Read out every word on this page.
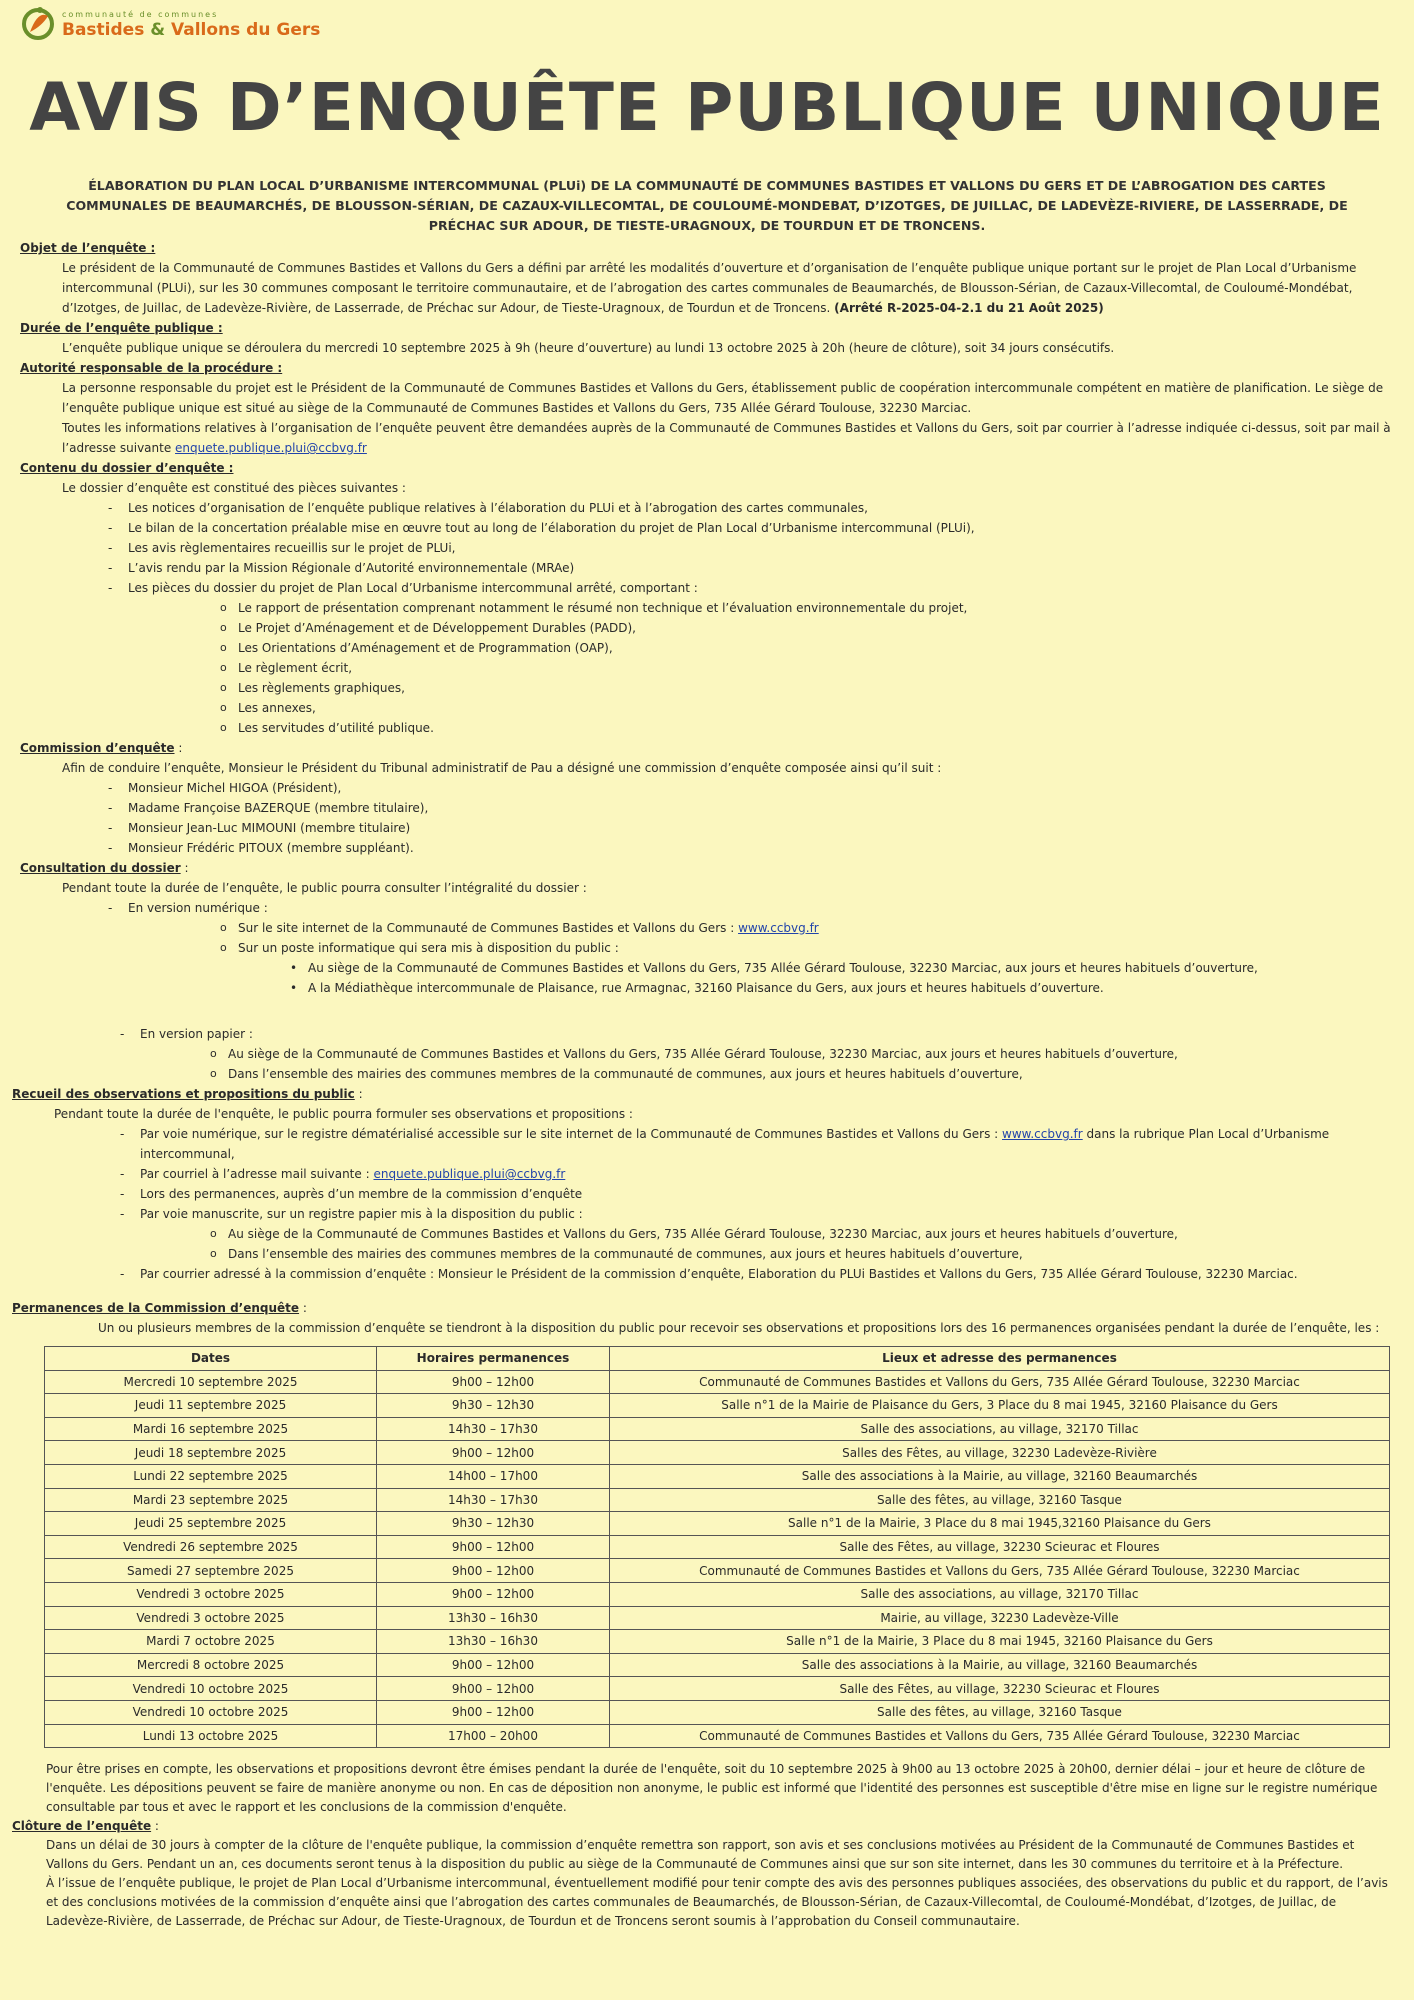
communauté de communes
Bastides & Vallons du Gers
AVIS D’ENQUÊTE PUBLIQUE UNIQUE
ÉLABORATION DU PLAN LOCAL D’URBANISME INTERCOMMUNAL (PLUi) DE LA COMMUNAUTÉ DE COMMUNES BASTIDES ET VALLONS DU GERS ET DE L’ABROGATION DES CARTES COMMUNALES DE BEAUMARCHÉS, DE BLOUSSON-SÉRIAN, DE CAZAUX-VILLECOMTAL, DE COULOUMÉ-MONDEBAT, D’IZOTGES, DE JUILLAC, DE LADEVÈZE-RIVIERE, DE LASSERRADE, DE PRÉCHAC SUR ADOUR, DE TIESTE-URAGNOUX, DE TOURDUN ET DE TRONCENS.
Objet de l’enquête :
Le président de la Communauté de Communes Bastides et Vallons du Gers a défini par arrêté les modalités d’ouverture et d’organisation de l’enquête publique unique portant sur le projet de Plan Local d’Urbanisme intercommunal (PLUi), sur les 30 communes composant le territoire communautaire, et de l’abrogation des cartes communales de Beaumarchés, de Blousson-Sérian, de Cazaux-Villecomtal, de Couloumé-Mondébat, d’Izotges, de Juillac, de Ladevèze-Rivière, de Lasserrade, de Préchac sur Adour, de Tieste-Uragnoux, de Tourdun et de Troncens. (Arrêté R-2025-04-2.1 du 21 Août 2025)
Durée de l’enquête publique :
L’enquête publique unique se déroulera du mercredi 10 septembre 2025 à 9h (heure d’ouverture) au lundi 13 octobre 2025 à 20h (heure de clôture), soit 34 jours consécutifs.
Autorité responsable de la procédure :
La personne responsable du projet est le Président de la Communauté de Communes Bastides et Vallons du Gers, établissement public de coopération intercommunale compétent en matière de planification. Le siège de l’enquête publique unique est situé au siège de la Communauté de Communes Bastides et Vallons du Gers, 735 Allée Gérard Toulouse, 32230 Marciac.
Toutes les informations relatives à l’organisation de l’enquête peuvent être demandées auprès de la Communauté de Communes Bastides et Vallons du Gers, soit par courrier à l’adresse indiquée ci-dessus, soit par mail à l’adresse suivante enquete.publique.plui@ccbvg.fr
Contenu du dossier d’enquête :
Le dossier d’enquête est constitué des pièces suivantes :
- Les notices d’organisation de l’enquête publique relatives à l’élaboration du PLUi et à l’abrogation des cartes communales,
- Le bilan de la concertation préalable mise en œuvre tout au long de l’élaboration du projet de Plan Local d’Urbanisme intercommunal (PLUi),
- Les avis règlementaires recueillis sur le projet de PLUi,
- L’avis rendu par la Mission Régionale d’Autorité environnementale (MRAe)
- Les pièces du dossier du projet de Plan Local d’Urbanisme intercommunal arrêté, comportant :
o Le rapport de présentation comprenant notamment le résumé non technique et l’évaluation environnementale du projet,
o Le Projet d’Aménagement et de Développement Durables (PADD),
o Les Orientations d’Aménagement et de Programmation (OAP),
o Le règlement écrit,
o Les règlements graphiques,
o Les annexes,
o Les servitudes d’utilité publique.
Commission d’enquête :
Afin de conduire l’enquête, Monsieur le Président du Tribunal administratif de Pau a désigné une commission d’enquête composée ainsi qu’il suit :
- Monsieur Michel HIGOA (Président),
- Madame Françoise BAZERQUE (membre titulaire),
- Monsieur Jean-Luc MIMOUNI (membre titulaire)
- Monsieur Frédéric PITOUX (membre suppléant).
Consultation du dossier :
Pendant toute la durée de l’enquête, le public pourra consulter l’intégralité du dossier :
- En version numérique :
o Sur le site internet de la Communauté de Communes Bastides et Vallons du Gers : www.ccbvg.fr
o Sur un poste informatique qui sera mis à disposition du public :
• Au siège de la Communauté de Communes Bastides et Vallons du Gers, 735 Allée Gérard Toulouse, 32230 Marciac, aux jours et heures habituels d’ouverture,
• A la Médiathèque intercommunale de Plaisance, rue Armagnac, 32160 Plaisance du Gers, aux jours et heures habituels d’ouverture.
- En version papier :
o Au siège de la Communauté de Communes Bastides et Vallons du Gers, 735 Allée Gérard Toulouse, 32230 Marciac, aux jours et heures habituels d’ouverture,
o Dans l’ensemble des mairies des communes membres de la communauté de communes, aux jours et heures habituels d’ouverture,
Recueil des observations et propositions du public :
Pendant toute la durée de l'enquête, le public pourra formuler ses observations et propositions :
- Par voie numérique, sur le registre dématérialisé accessible sur le site internet de la Communauté de Communes Bastides et Vallons du Gers : www.ccbvg.fr dans la rubrique Plan Local d’Urbanisme intercommunal,
- Par courriel à l’adresse mail suivante : enquete.publique.plui@ccbvg.fr
- Lors des permanences, auprès d’un membre de la commission d’enquête
- Par voie manuscrite, sur un registre papier mis à la disposition du public :
o Au siège de la Communauté de Communes Bastides et Vallons du Gers, 735 Allée Gérard Toulouse, 32230 Marciac, aux jours et heures habituels d’ouverture,
o Dans l’ensemble des mairies des communes membres de la communauté de communes, aux jours et heures habituels d’ouverture,
- Par courrier adressé à la commission d’enquête : Monsieur le Président de la commission d’enquête, Elaboration du PLUi Bastides et Vallons du Gers, 735 Allée Gérard Toulouse, 32230 Marciac.
Permanences de la Commission d’enquête :
Un ou plusieurs membres de la commission d’enquête se tiendront à la disposition du public pour recevoir ses observations et propositions lors des 16 permanences organisées pendant la durée de l’enquête, les :
Dates	Horaires permanences	Lieux et adresse des permanences
Mercredi 10 septembre 2025	9h00 – 12h00	Communauté de Communes Bastides et Vallons du Gers, 735 Allée Gérard Toulouse, 32230 Marciac
Jeudi 11 septembre 2025	9h30 – 12h30	Salle n°1 de la Mairie de Plaisance du Gers, 3 Place du 8 mai 1945, 32160 Plaisance du Gers
Mardi 16 septembre 2025	14h30 – 17h30	Salle des associations, au village, 32170 Tillac
Jeudi 18 septembre 2025	9h00 – 12h00	Salles des Fêtes, au village, 32230 Ladevèze-Rivière
Lundi 22 septembre 2025	14h00 – 17h00	Salle des associations à la Mairie, au village, 32160 Beaumarchés
Mardi 23 septembre 2025	14h30 – 17h30	Salle des fêtes, au village, 32160 Tasque
Jeudi 25 septembre 2025	9h30 – 12h30	Salle n°1 de la Mairie, 3 Place du 8 mai 1945,32160 Plaisance du Gers
Vendredi 26 septembre 2025	9h00 – 12h00	Salle des Fêtes, au village, 32230 Scieurac et Floures
Samedi 27 septembre 2025	9h00 – 12h00	Communauté de Communes Bastides et Vallons du Gers, 735 Allée Gérard Toulouse, 32230 Marciac
Vendredi 3 octobre 2025	9h00 – 12h00	Salle des associations, au village, 32170 Tillac
Vendredi 3 octobre 2025	13h30 – 16h30	Mairie, au village, 32230 Ladevèze-Ville
Mardi 7 octobre 2025	13h30 – 16h30	Salle n°1 de la Mairie, 3 Place du 8 mai 1945, 32160 Plaisance du Gers
Mercredi 8 octobre 2025	9h00 – 12h00	Salle des associations à la Mairie, au village, 32160 Beaumarchés
Vendredi 10 octobre 2025	9h00 – 12h00	Salle des Fêtes, au village, 32230 Scieurac et Floures
Vendredi 10 octobre 2025	9h00 – 12h00	Salle des fêtes, au village, 32160 Tasque
Lundi 13 octobre 2025	17h00 – 20h00	Communauté de Communes Bastides et Vallons du Gers, 735 Allée Gérard Toulouse, 32230 Marciac
Pour être prises en compte, les observations et propositions devront être émises pendant la durée de l'enquête, soit du 10 septembre 2025 à 9h00 au 13 octobre 2025 à 20h00, dernier délai – jour et heure de clôture de l'enquête. Les dépositions peuvent se faire de manière anonyme ou non. En cas de déposition non anonyme, le public est informé que l'identité des personnes est susceptible d'être mise en ligne sur le registre numérique consultable par tous et avec le rapport et les conclusions de la commission d'enquête.
Clôture de l’enquête :
Dans un délai de 30 jours à compter de la clôture de l'enquête publique, la commission d’enquête remettra son rapport, son avis et ses conclusions motivées au Président de la Communauté de Communes Bastides et Vallons du Gers. Pendant un an, ces documents seront tenus à la disposition du public au siège de la Communauté de Communes ainsi que sur son site internet, dans les 30 communes du territoire et à la Préfecture.
À l’issue de l’enquête publique, le projet de Plan Local d’Urbanisme intercommunal, éventuellement modifié pour tenir compte des avis des personnes publiques associées, des observations du public et du rapport, de l’avis et des conclusions motivées de la commission d’enquête ainsi que l’abrogation des cartes communales de Beaumarchés, de Blousson-Sérian, de Cazaux-Villecomtal, de Couloumé-Mondébat, d’Izotges, de Juillac, de Ladevèze-Rivière, de Lasserrade, de Préchac sur Adour, de Tieste-Uragnoux, de Tourdun et de Troncens seront soumis à l’approbation du Conseil communautaire.
